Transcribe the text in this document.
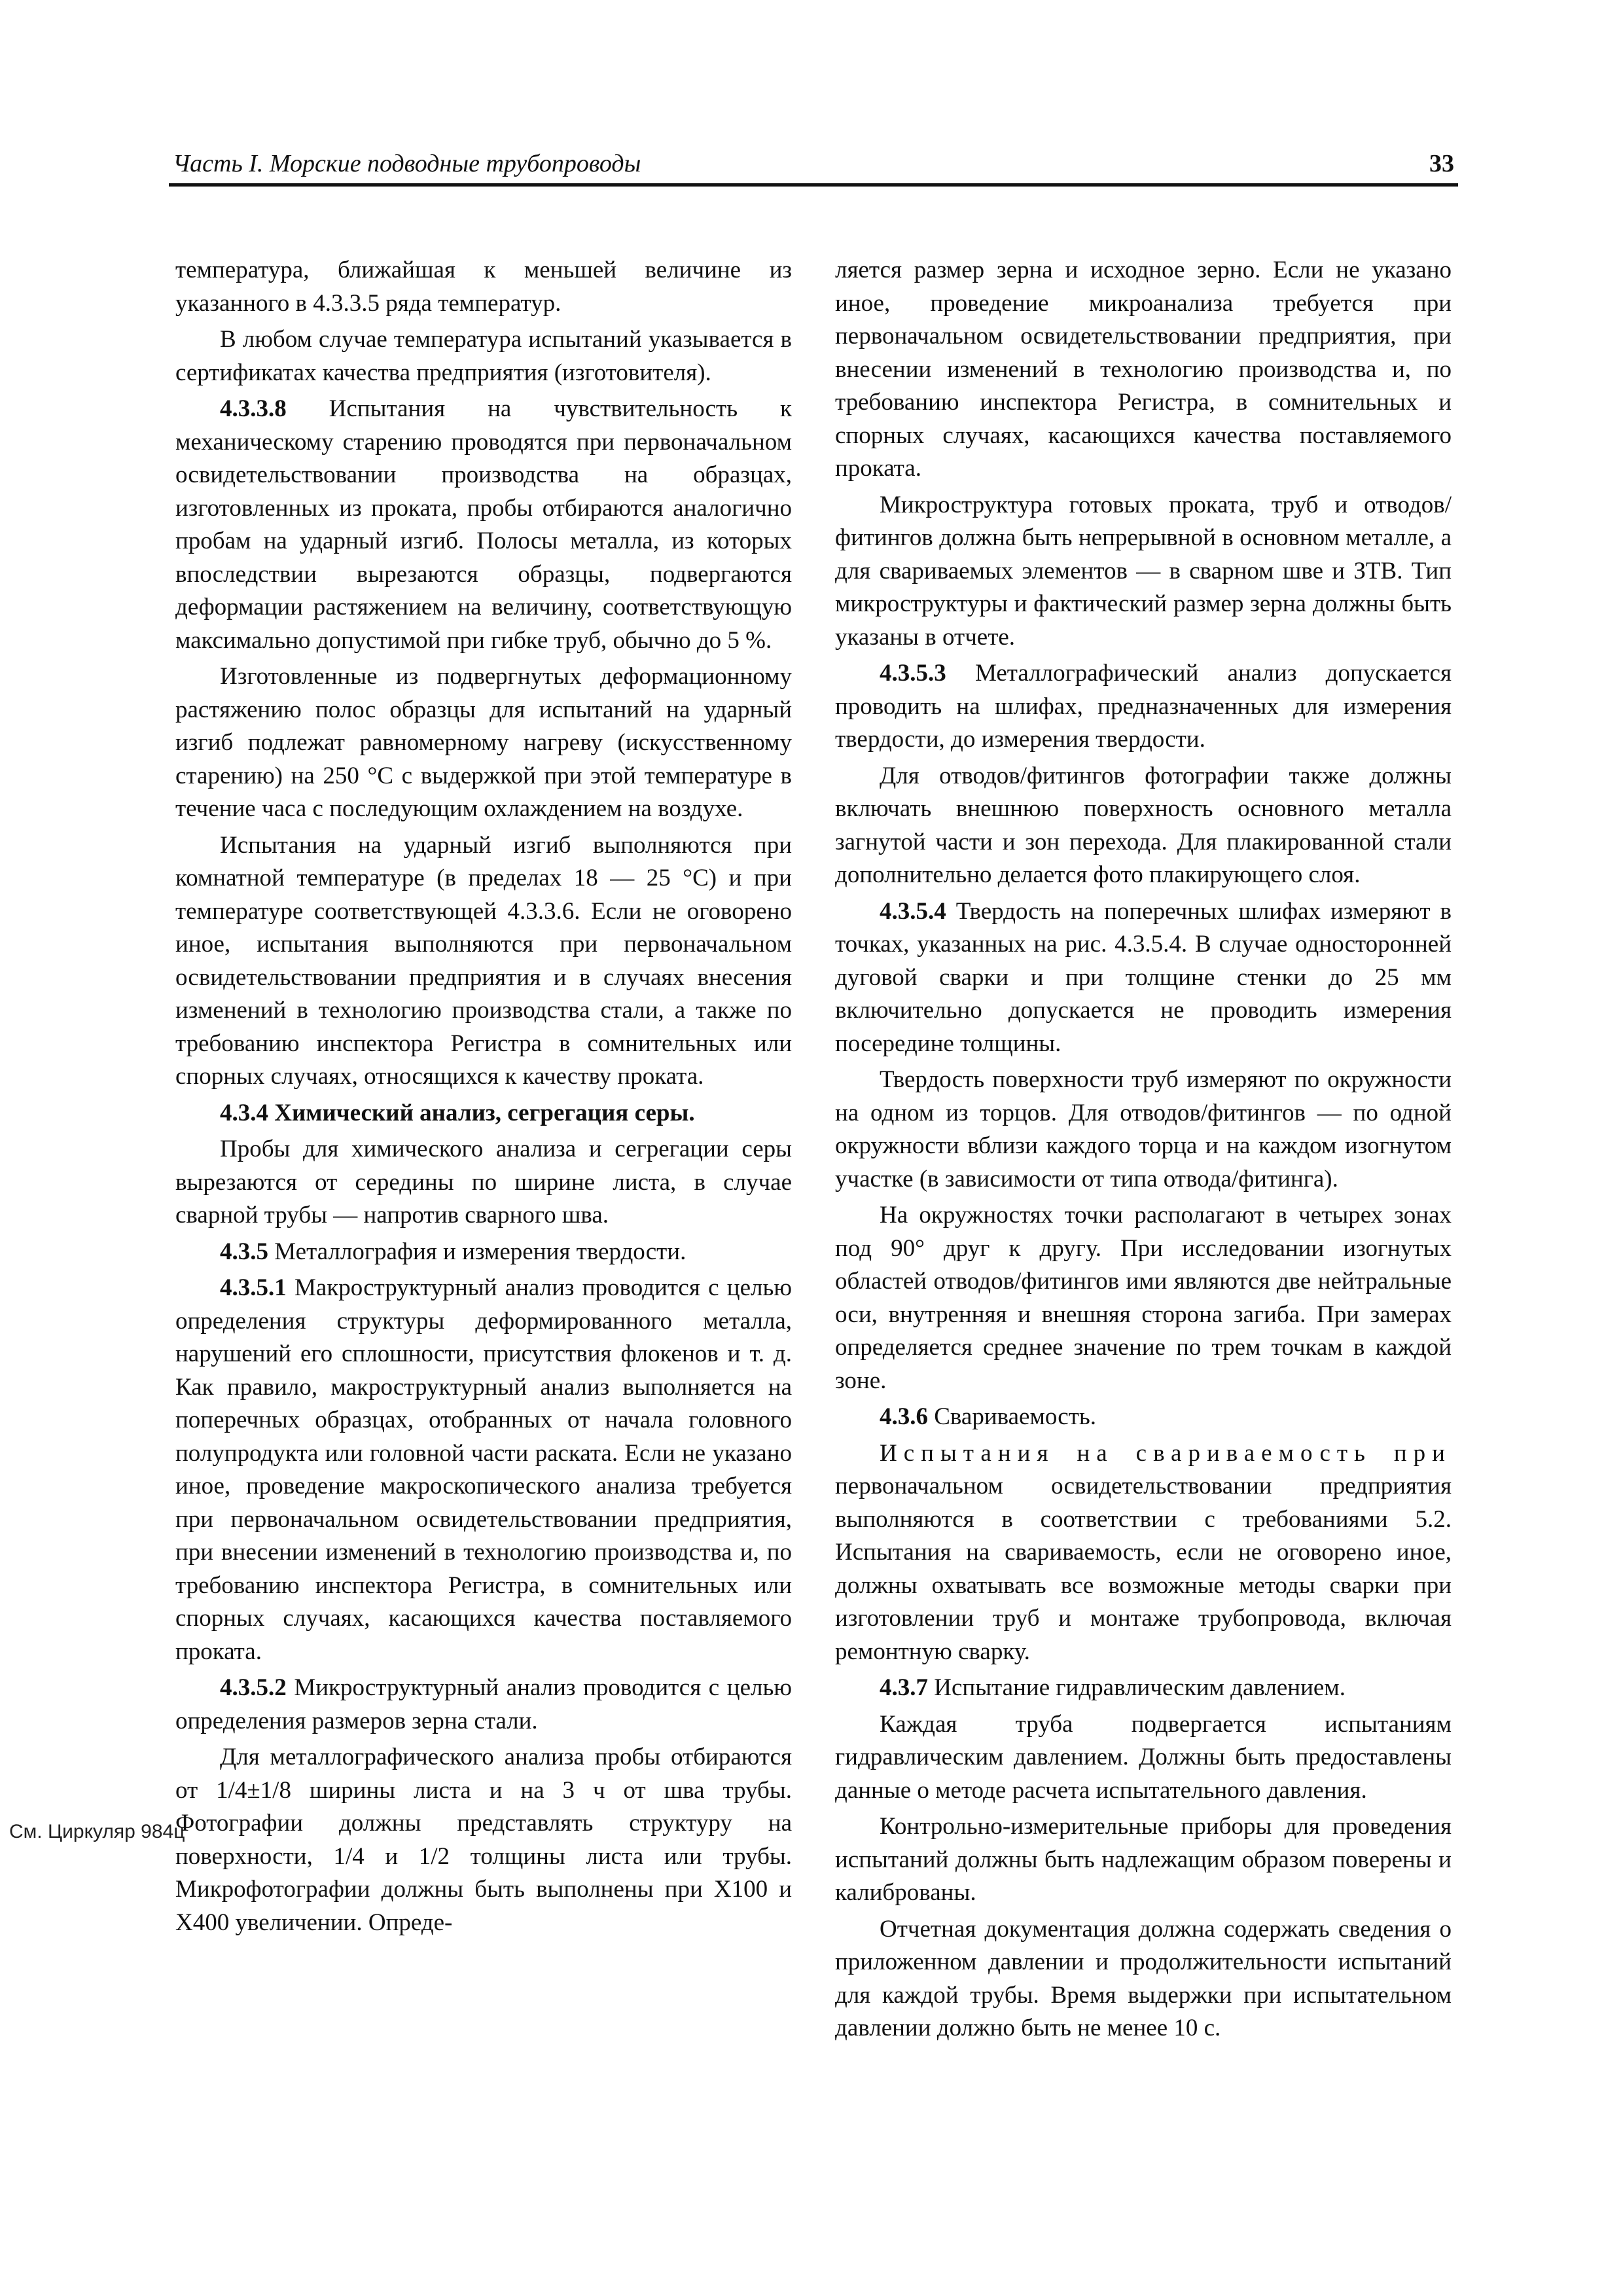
Часть I. Морские подводные трубопроводы	33
См. Циркуляр 984ц

температура, ближайшая к меньшей величине из указанного в 4.3.3.5 ряда температур.

В любом случае температура испытаний указывается в сертификатах качества предприятия (изготовителя).

4.3.3.8 Испытания на чувствительность к механическому старению проводятся при первоначальном освидетельствовании производства на образцах, изготовленных из проката, пробы отбираются аналогично пробам на ударный изгиб. Полосы металла, из которых впоследствии вырезаются образцы, подвергаются деформации растяжением на величину, соответствующую максимально допустимой при гибке труб, обычно до 5 %.

Изготовленные из подвергнутых деформационному растяжению полос образцы для испытаний на ударный изгиб подлежат равномерному нагреву (искусственному старению) на 250 °С с выдержкой при этой температуре в течение часа с последующим охлаждением на воздухе.

Испытания на ударный изгиб выполняются при комнатной температуре (в пределах 18 — 25 °С) и при температуре соответствующей 4.3.3.6. Если не оговорено иное, испытания выполняются при первоначальном освидетельствовании предприятия и в случаях внесения изменений в технологию производства стали, а также по требованию инспектора Регистра в сомнительных или спорных случаях, относящихся к качеству проката.

4.3.4 Химический анализ, сегрегация серы.

Пробы для химического анализа и сегрегации серы вырезаются от середины по ширине листа, в случае сварной трубы — напротив сварного шва.

4.3.5 Металлография и измерения твердости.

4.3.5.1 Макроструктурный анализ проводится с целью определения структуры деформированного металла, нарушений его сплошности, присутствия флокенов и т. д. Как правило, макроструктурный анализ выполняется на поперечных образцах, отобранных от начала головного полупродукта или головной части раската. Если не указано иное, проведение макроскопического анализа требуется при первоначальном освидетельствовании предприятия, при внесении изменений в технологию производства и, по требованию инспектора Регистра, в сомнительных или спорных случаях, касающихся качества поставляемого проката.

4.3.5.2 Микроструктурный анализ проводится с целью определения размеров зерна стали.

Для металлографического анализа пробы отбираются от 1/4±1/8 ширины листа и на 3 ч от шва трубы. Фотографии должны представлять структуру на поверхности, 1/4 и 1/2 толщины листа или трубы. Микрофотографии должны быть выполнены при Х100 и Х400 увеличении. Опреде-

ляется размер зерна и исходное зерно. Если не указано иное, проведение микроанализа требуется при первоначальном освидетельствовании предприятия, при внесении изменений в технологию производства и, по требованию инспектора Регистра, в сомнительных и спорных случаях, касающихся качества поставляемого проката.

Микроструктура готовых проката, труб и отводов/фитингов должна быть непрерывной в основном металле, а для свариваемых элементов — в сварном шве и ЗТВ. Тип микроструктуры и фактический размер зерна должны быть указаны в отчете.

4.3.5.3 Металлографический анализ допускается проводить на шлифах, предназначенных для измерения твердости, до измерения твердости.

Для отводов/фитингов фотографии также должны включать внешнюю поверхность основного металла загнутой части и зон перехода. Для плакированной стали дополнительно делается фото плакирующего слоя.

4.3.5.4 Твердость на поперечных шлифах измеряют в точках, указанных на рис. 4.3.5.4. В случае односторонней дуговой сварки и при толщине стенки до 25 мм включительно допускается не проводить измерения посередине толщины.

Твердость поверхности труб измеряют по окружности на одном из торцов. Для отводов/фитингов — по одной окружности вблизи каждого торца и на каждом изогнутом участке (в зависимости от типа отвода/фитинга).

На окружностях точки располагают в четырех зонах под 90° друг к другу. При исследовании изогнутых областей отводов/фитингов ими являются две нейтральные оси, внутренняя и внешняя сторона загиба. При замерах определяется среднее значение по трем точкам в каждой зоне.

4.3.6 Свариваемость.

Испытания на свариваемость при первоначальном освидетельствовании предприятия выполняются в соответствии с требованиями 5.2. Испытания на свариваемость, если не оговорено иное, должны охватывать все возможные методы сварки при изготовлении труб и монтаже трубопровода, включая ремонтную сварку.

4.3.7 Испытание гидравлическим давлением.

Каждая труба подвергается испытаниям гидравлическим давлением. Должны быть предоставлены данные о методе расчета испытательного давления.

Контрольно-измерительные приборы для проведения испытаний должны быть надлежащим образом поверены и калиброваны.

Отчетная документация должна содержать сведения о приложенном давлении и продолжительности испытаний для каждой трубы. Время выдержки при испытательном давлении должно быть не менее 10 с.
